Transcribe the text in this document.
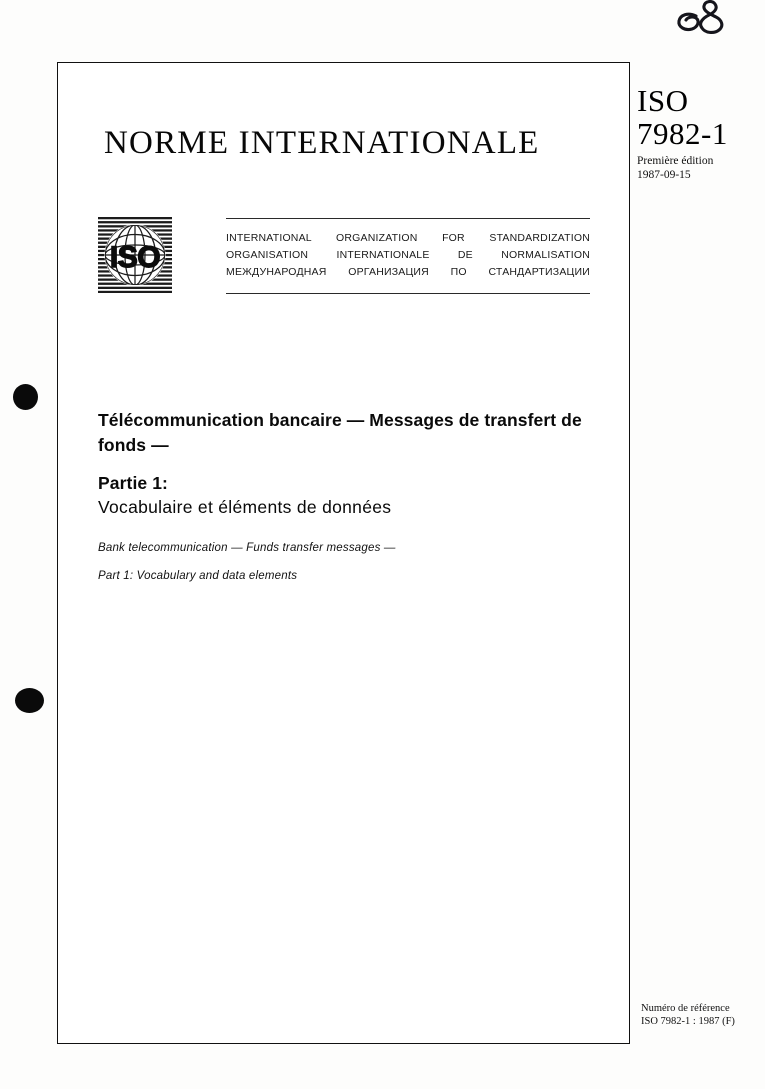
ISO
7982-1
Première édition
1987-09-15
Numéro de référence
ISO 7982-1 : 1987 (F)
NORME INTERNATIONALE
ISO
INTERNATIONAL ORGANIZATION FOR STANDARDIZATION
ORGANISATION INTERNATIONALE DE NORMALISATION
МЕЖДУНАРОДНАЯ ОРГАНИЗАЦИЯ ПО СТАНДАРТИЗАЦИИ
Télécommunication bancaire — Messages de transfert de fonds —
Partie 1:
Vocabulaire et éléments de données
Bank telecommunication — Funds transfer messages —
Part 1: Vocabulary and data elements
